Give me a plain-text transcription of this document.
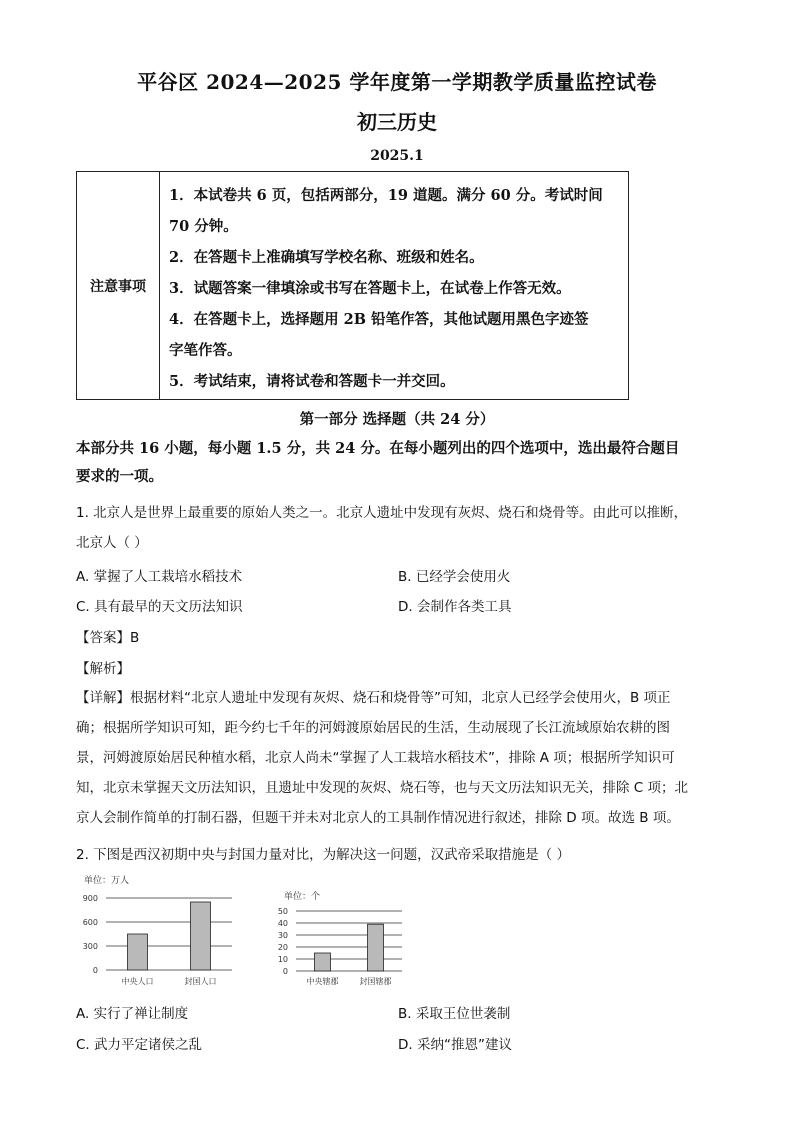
平谷区 2024—2025 学年度第一学期教学质量监控试卷
初三历史
2025.1
注意事项
1．本试卷共 6 页，包括两部分，19 道题。满分 60 分。考试时间
70 分钟。
2．在答题卡上准确填写学校名称、班级和姓名。
3．试题答案一律填涂或书写在答题卡上，在试卷上作答无效。
4．在答题卡上，选择题用 2B 铅笔作答，其他试题用黑色字迹签
字笔作答。
5．考试结束，请将试卷和答题卡一并交回。
第一部分 选择题（共 24 分）
本部分共 16 小题，每小题 1.5 分，共 24 分。在每小题列出的四个选项中，选出最符合题目
要求的一项。
1. 北京人是世界上最重要的原始人类之一。北京人遗址中发现有灰烬、烧石和烧骨等。由此可以推断，
北京人（ ）
A. 掌握了人工栽培水稻技术	B. 已经学会使用火
C. 具有最早的天文历法知识	D. 会制作各类工具
【答案】B
【解析】
【详解】根据材料“北京人遗址中发现有灰烬、烧石和烧骨等”可知，北京人已经学会使用火，B 项正
确；根据所学知识可知，距今约七千年的河姆渡原始居民的生活，生动展现了长江流域原始农耕的图
景，河姆渡原始居民种植水稻，北京人尚未“掌握了人工栽培水稻技术”，排除 A 项；根据所学知识可
知，北京未掌握天文历法知识，且遗址中发现的灰烬、烧石等，也与天文历法知识无关，排除 C 项；北
京人会制作简单的打制石器，但题干并未对北京人的工具制作情况进行叙述，排除 D 项。故选 B 项。
2. 下图是西汉初期中央与封国力量对比，为解决这一问题，汉武帝采取措施是（ ）
单位：万人
0
300
600
900
中央人口	封国人口
单位：个
0
10
20
30
40
50
中央辖郡	封国辖郡
A. 实行了禅让制度	B. 采取王位世袭制
C. 武力平定诸侯之乱	D. 采纳“推恩”建议
